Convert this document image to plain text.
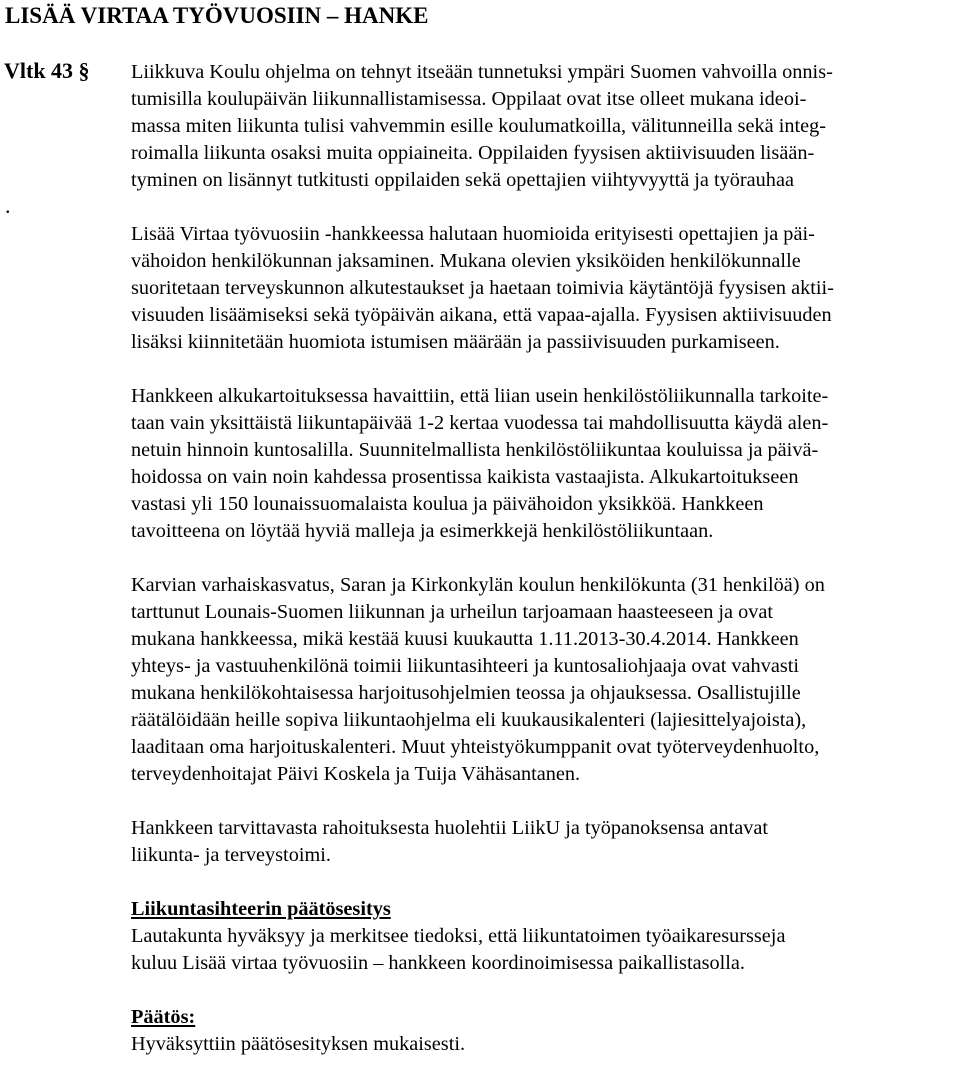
LISÄÄ VIRTAA TYÖVUOSIIN – HANKE
Vltk 43 §
.
Liikkuva Koulu ohjelma on tehnyt itseään tunnetuksi ympäri Suomen vahvoilla onnis-
tumisilla koulupäivän liikunnallistamisessa. Oppilaat ovat itse olleet mukana ideoi-
massa miten liikunta tulisi vahvemmin esille koulumatkoilla, välitunneilla sekä integ-
roimalla liikunta osaksi muita oppiaineita. Oppilaiden fyysisen aktiivisuuden lisään-
tyminen on lisännyt tutkitusti oppilaiden sekä opettajien viihtyvyyttä ja työrauhaa
Lisää Virtaa työvuosiin -hankkeessa halutaan huomioida erityisesti opettajien ja päi-
vähoidon henkilökunnan jaksaminen. Mukana olevien yksiköiden henkilökunnalle
suoritetaan terveyskunnon alkutestaukset ja haetaan toimivia käytäntöjä fyysisen aktii-
visuuden lisäämiseksi sekä työpäivän aikana, että vapaa-ajalla. Fyysisen aktiivisuuden
lisäksi kiinnitetään huomiota istumisen määrään ja passiivisuuden purkamiseen.
Hankkeen alkukartoituksessa havaittiin, että liian usein henkilöstöliikunnalla tarkoite-
taan vain yksittäistä liikuntapäivää 1-2 kertaa vuodessa tai mahdollisuutta käydä alen-
netuin hinnoin kuntosalilla. Suunnitelmallista henkilöstöliikuntaa kouluissa ja päivä-
hoidossa on vain noin kahdessa prosentissa kaikista vastaajista. Alkukartoitukseen
vastasi yli 150 lounaissuomalaista koulua ja päivähoidon yksikköä. Hankkeen
tavoitteena on löytää hyviä malleja ja esimerkkejä henkilöstöliikuntaan.
Karvian varhaiskasvatus, Saran ja Kirkonkylän koulun henkilökunta (31 henkilöä) on
tarttunut Lounais-Suomen liikunnan ja urheilun tarjoamaan haasteeseen ja ovat
mukana hankkeessa, mikä kestää kuusi kuukautta 1.11.2013-30.4.2014. Hankkeen
yhteys- ja vastuuhenkilönä toimii liikuntasihteeri ja kuntosaliohjaaja ovat vahvasti
mukana henkilökohtaisessa harjoitusohjelmien teossa ja ohjauksessa. Osallistujille
räätälöidään heille sopiva liikuntaohjelma eli kuukausikalenteri (lajiesittelyajoista),
laaditaan oma harjoituskalenteri. Muut yhteistyökumppanit ovat työterveydenhuolto,
terveydenhoitajat Päivi Koskela ja Tuija Vähäsantanen.
Hankkeen tarvittavasta rahoituksesta huolehtii LiikU ja työpanoksensa antavat
liikunta- ja terveystoimi.
Liikuntasihteerin päätösesitys
Lautakunta hyväksyy ja merkitsee tiedoksi, että liikuntatoimen työaikaresursseja
kuluu Lisää virtaa työvuosiin – hankkeen koordinoimisessa paikallistasolla.
Päätös:
Hyväksyttiin päätösesityksen mukaisesti.
